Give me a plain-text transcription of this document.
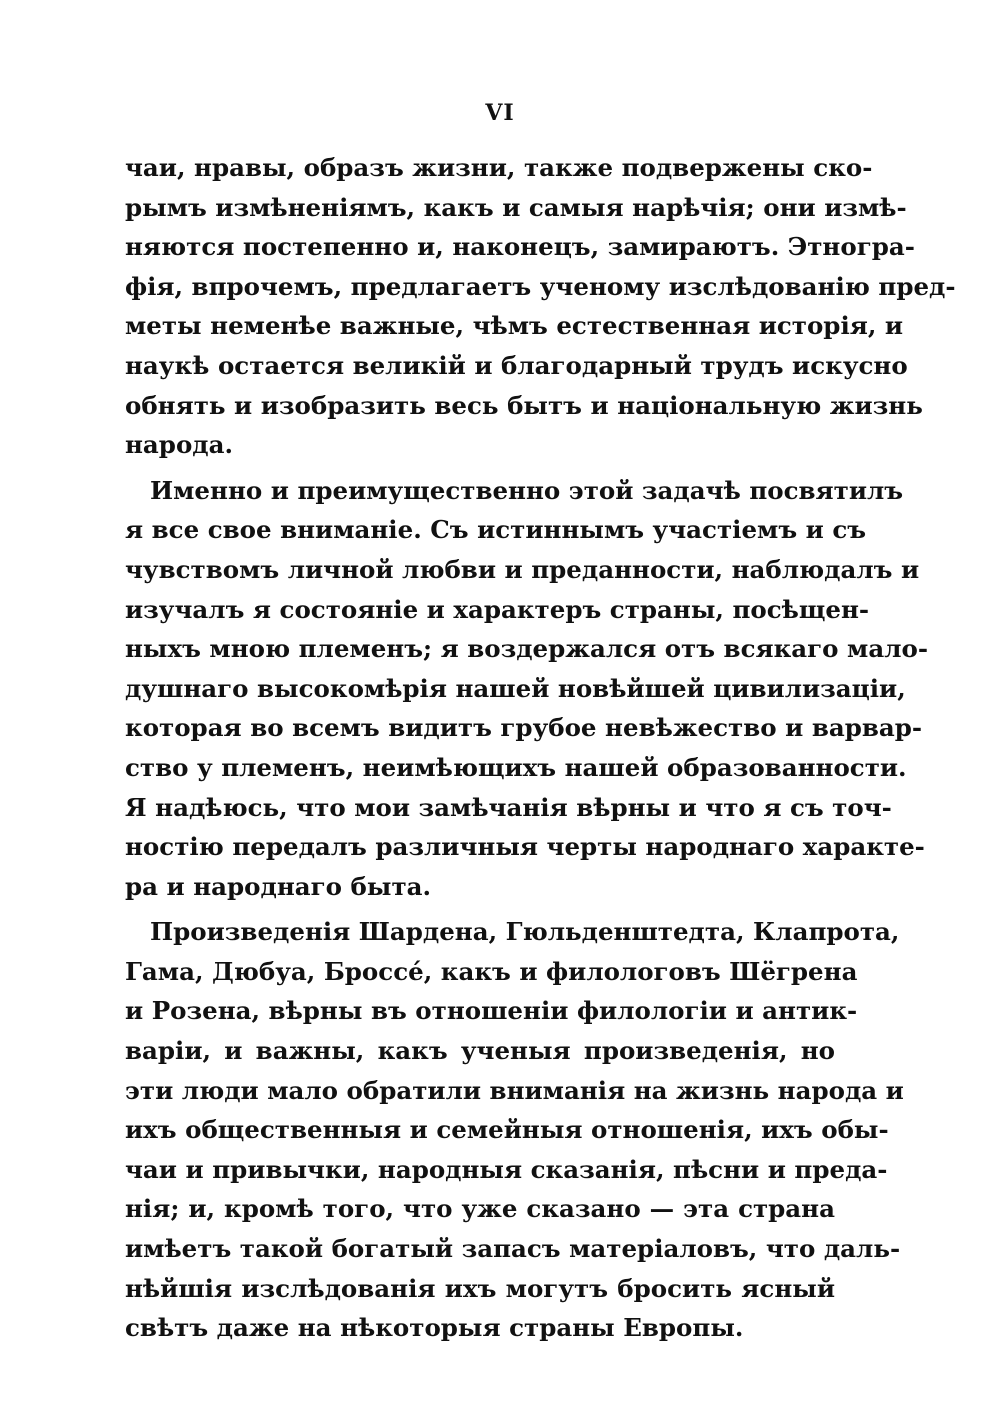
VI
чаи, нравы, образъ жизни, также подвержены ско-
рымъ измѣненіямъ, какъ и самыя нарѣчія; они измѣ-
няются постепенно и, наконецъ, замираютъ. Этногра-
фія, впрочемъ, предлагаетъ ученому изслѣдованію пред-
меты неменѣе важные, чѣмъ естественная исторія, и
наукѣ остается великій и благодарный трудъ искусно
обнять и изобразить весь бытъ и національную жизнь
народа.
Именно и преимущественно этой задачѣ посвятилъ
я все свое вниманіе. Съ истиннымъ участіемъ и съ
чувствомъ личной любви и преданности, наблюдалъ и
изучалъ я состояніе и характеръ страны, посѣщен-
ныхъ мною племенъ; я воздержался отъ всякаго мало-
душнаго высокомѣрія нашей новѣйшей цивилизаціи,
которая во всемъ видитъ грубое невѣжество и варвар-
ство у племенъ, неимѣющихъ нашей образованности.
Я надѣюсь, что мои замѣчанія вѣрны и что я съ точ-
ностію передалъ различныя черты народнаго характе-
ра и народнаго быта.
Произведенія Шардена, Гюльденштедта, Клапрота,
Гама, Дюбуа, Броссé, какъ и филологовъ Шёгрена
и Розена, вѣрны въ отношеніи филологіи и антик-
варіи, и важны, какъ ученыя произведенія, но
эти люди мало обратили вниманія на жизнь народа и
ихъ общественныя и семейныя отношенія, ихъ обы-
чаи и привычки, народныя сказанія, пѣсни и преда-
нія; и, кромѣ того, что уже сказано — эта страна
имѣетъ такой богатый запасъ матеріаловъ, что даль-
нѣйшія изслѣдованія ихъ могутъ бросить ясный
свѣтъ даже на нѣкоторыя страны Европы.
